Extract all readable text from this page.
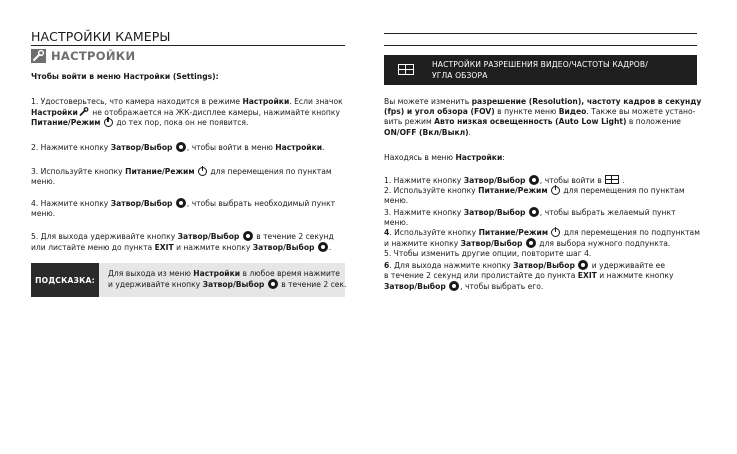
НАСТРОЙКИ КАМЕРЫ
НАСТРОЙКИ

Чтобы войти в меню Настройки (Settings):

1. Удостоверьтесь, что камера находится в режиме Настройки. Если значок
Настройки не отображается на ЖК-дисплее камеры, нажимайте кнопку
Питание/Режим  до тех пор, пока он не появится.

2. Нажмите кнопку Затвор/Выбор , чтобы войти в меню Настройки.

3. Используйте кнопку Питание/Режим  для перемещения по пунктам
меню.

4. Нажмите кнопку Затвор/Выбор , чтобы выбрать необходимый пункт
меню.

5. Для выхода удерживайте кнопку Затвор/Выбор  в течение 2 секунд
или листайте меню до пункта EXIT и нажмите кнопку Затвор/Выбор .

ПОДСКАЗКА:
Для выхода из меню Настройки в любое время нажмите
и удерживайте кнопку Затвор/Выбор  в течение 2 сек.
НАСТРОЙКИ РАЗРЕШЕНИЯ ВИДЕО/ЧАСТОТЫ КАДРОВ/
УГЛА ОБЗОРА

Вы можете изменить разрешение (Resolution), частоту кадров в секунду
(fps) и угол обзора (FOV) в пункте меню Видео. Также вы можете устано-
вить режим Авто низкая освещенность (Auto Low Light) в положение
ON/OFF (Вкл/Выкл).

Находясь в меню Настройки:

1. Нажмите кнопку Затвор/Выбор , чтобы войти в  .
2. Используйте кнопку Питание/Режим  для перемещения по пунктам
меню.
3. Нажмите кнопку Затвор/Выбор , чтобы выбрать желаемый пункт
меню.
4. Используйте кнопку Питание/Режим  для перемещения по подпунктам
и нажмите кнопку Затвор/Выбор  для выбора нужного подпункта.
5. Чтобы изменить другие опции, повторите шаг 4.
6. Для выхода нажмите кнопку Затвор/Выбор  и удерживайте ее
в течение 2 секунд или пролистайте до пункта EXIT и нажмите кнопку
Затвор/Выбор , чтобы выбрать его.
